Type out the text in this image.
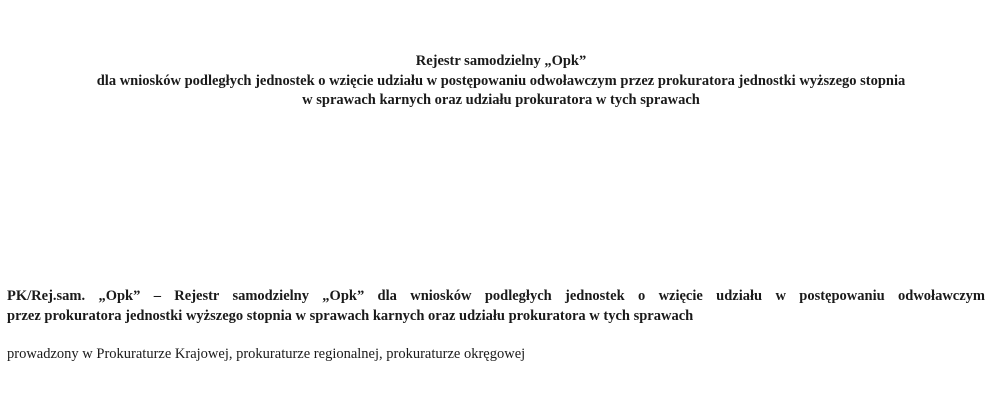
Rejestr samodzielny „Opk”
dla wniosków podległych jednostek o wzięcie udziału w postępowaniu odwoławczym przez prokuratora jednostki wyższego stopnia
w sprawach karnych oraz udziału prokuratora w tych sprawach
PK/Rej.sam. „Opk” – Rejestr samodzielny „Opk” dla wniosków podległych jednostek o wzięcie udziału w postępowaniu odwoławczym
przez prokuratora jednostki wyższego stopnia w sprawach karnych oraz udziału prokuratora w tych sprawach
prowadzony w Prokuraturze Krajowej, prokuraturze regionalnej, prokuraturze okręgowej
